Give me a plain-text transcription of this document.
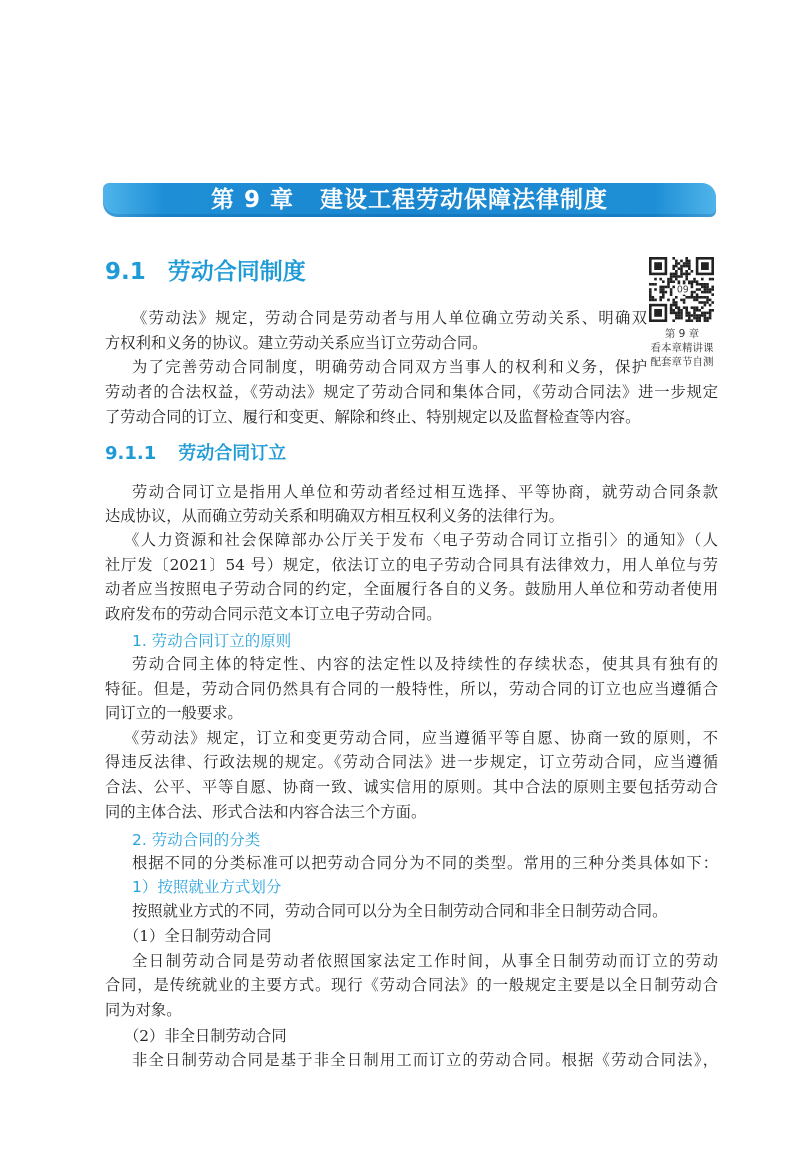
第 9 章 建设工程劳动保障法律制度
9.1 劳动合同制度
09
第 9 章
看本章精讲课
配套章节自测
《劳动法》规定，劳动合同是劳动者与用人单位确立劳动关系、明确双
方权利和义务的协议。建立劳动关系应当订立劳动合同。
为了完善劳动合同制度，明确劳动合同双方当事人的权利和义务，保护
劳动者的合法权益，《劳动法》规定了劳动合同和集体合同，《劳动合同法》进一步规定
了劳动合同的订立、履行和变更、解除和终止、特别规定以及监督检查等内容。
9.1.1 劳动合同订立
劳动合同订立是指用人单位和劳动者经过相互选择、平等协商，就劳动合同条款
达成协议，从而确立劳动关系和明确双方相互权利义务的法律行为。
《人力资源和社会保障部办公厅关于发布〈电子劳动合同订立指引〉的通知》（人
社厅发〔2021〕54 号）规定，依法订立的电子劳动合同具有法律效力，用人单位与劳
动者应当按照电子劳动合同的约定，全面履行各自的义务。鼓励用人单位和劳动者使用
政府发布的劳动合同示范文本订立电子劳动合同。
1. 劳动合同订立的原则
劳动合同主体的特定性、内容的法定性以及持续性的存续状态，使其具有独有的
特征。但是，劳动合同仍然具有合同的一般特性，所以，劳动合同的订立也应当遵循合
同订立的一般要求。
《劳动法》规定，订立和变更劳动合同，应当遵循平等自愿、协商一致的原则，不
得违反法律、行政法规的规定。《劳动合同法》进一步规定，订立劳动合同，应当遵循
合法、公平、平等自愿、协商一致、诚实信用的原则。其中合法的原则主要包括劳动合
同的主体合法、形式合法和内容合法三个方面。
2. 劳动合同的分类
根据不同的分类标准可以把劳动合同分为不同的类型。常用的三种分类具体如下：
1）按照就业方式划分
按照就业方式的不同，劳动合同可以分为全日制劳动合同和非全日制劳动合同。
（1）全日制劳动合同
全日制劳动合同是劳动者依照国家法定工作时间，从事全日制劳动而订立的劳动
合同，是传统就业的主要方式。现行《劳动合同法》的一般规定主要是以全日制劳动合
同为对象。
（2）非全日制劳动合同
非全日制劳动合同是基于非全日制用工而订立的劳动合同。根据《劳动合同法》，
